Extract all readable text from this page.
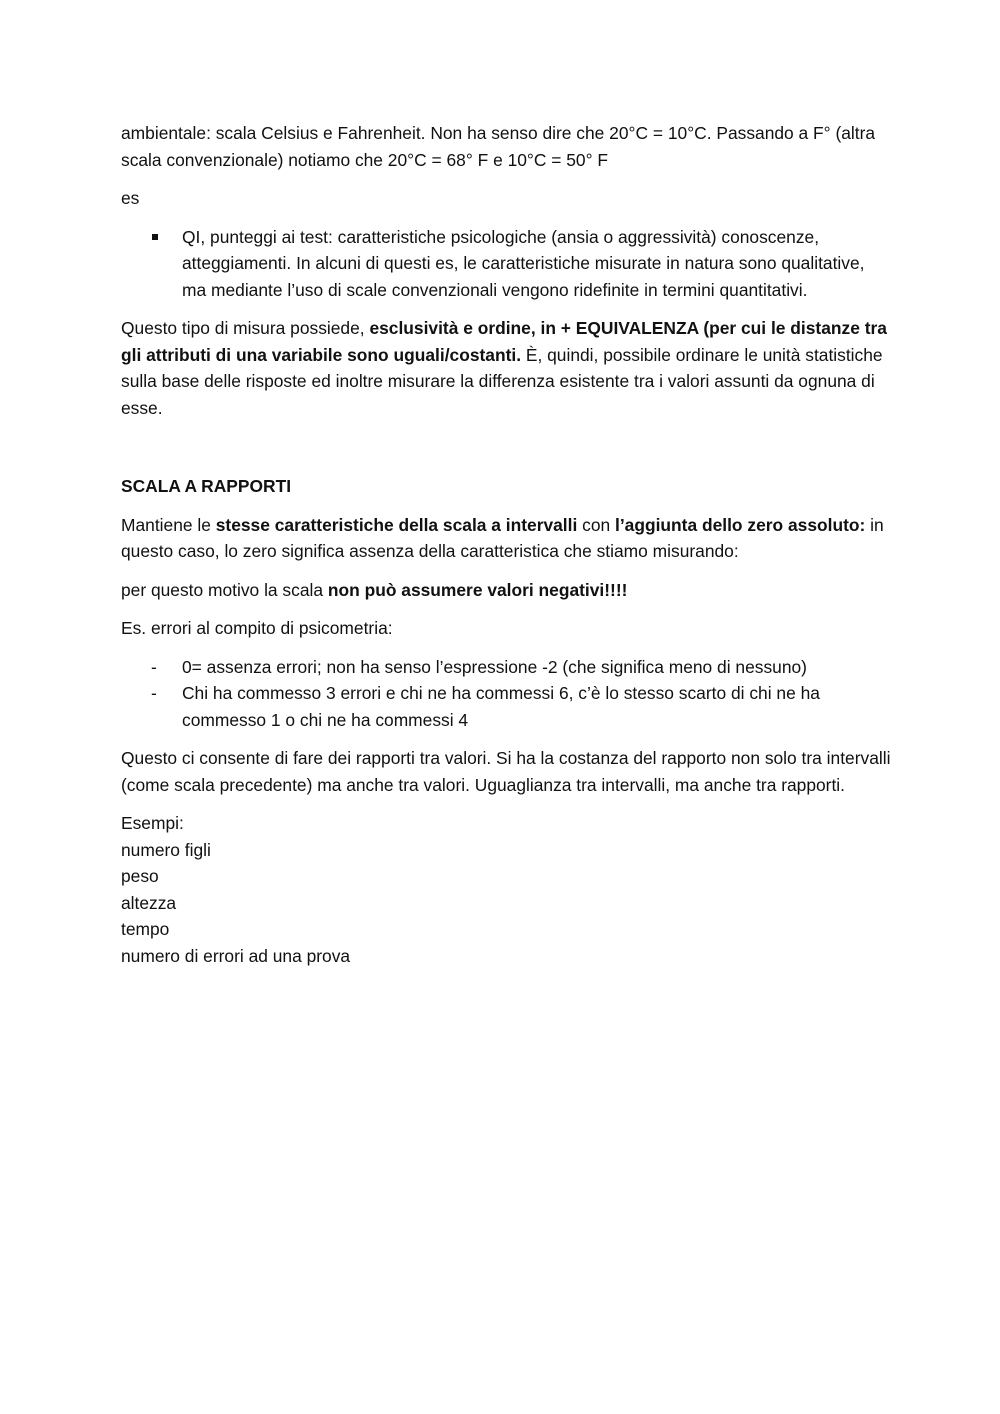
ambientale: scala Celsius e Fahrenheit. Non ha senso dire che 20°C = 10°C. Passando a F° (altra scala convenzionale) notiamo che 20°C = 68° F e 10°C = 50° F

es

QI, punteggi ai test: caratteristiche psicologiche (ansia o aggressività) conoscenze, atteggiamenti. In alcuni di questi es, le caratteristiche misurate in natura sono qualitative, ma mediante l’uso di scale convenzionali vengono ridefinite in termini quantitativi.

Questo tipo di misura possiede, esclusività e ordine, in + EQUIVALENZA (per cui le distanze tra gli attributi di una variabile sono uguali/costanti. È, quindi, possibile ordinare le unità statistiche sulla base delle risposte ed inoltre misurare la differenza esistente tra i valori assunti da ognuna di esse.

SCALA A RAPPORTI

Mantiene le stesse caratteristiche della scala a intervalli con l’aggiunta dello zero assoluto: in questo caso, lo zero significa assenza della caratteristica che stiamo misurando:

per questo motivo la scala non può assumere valori negativi!!!!

Es. errori al compito di psicometria:

- 0= assenza errori; non ha senso l’espressione -2 (che significa meno di nessuno)
- Chi ha commesso 3 errori e chi ne ha commessi 6, c’è lo stesso scarto di chi ne ha commesso 1 o chi ne ha commessi 4

Questo ci consente di fare dei rapporti tra valori. Si ha la costanza del rapporto non solo tra intervalli (come scala precedente) ma anche tra valori. Uguaglianza tra intervalli, ma anche tra rapporti.

Esempi:
numero figli
peso
altezza
tempo
numero di errori ad una prova
